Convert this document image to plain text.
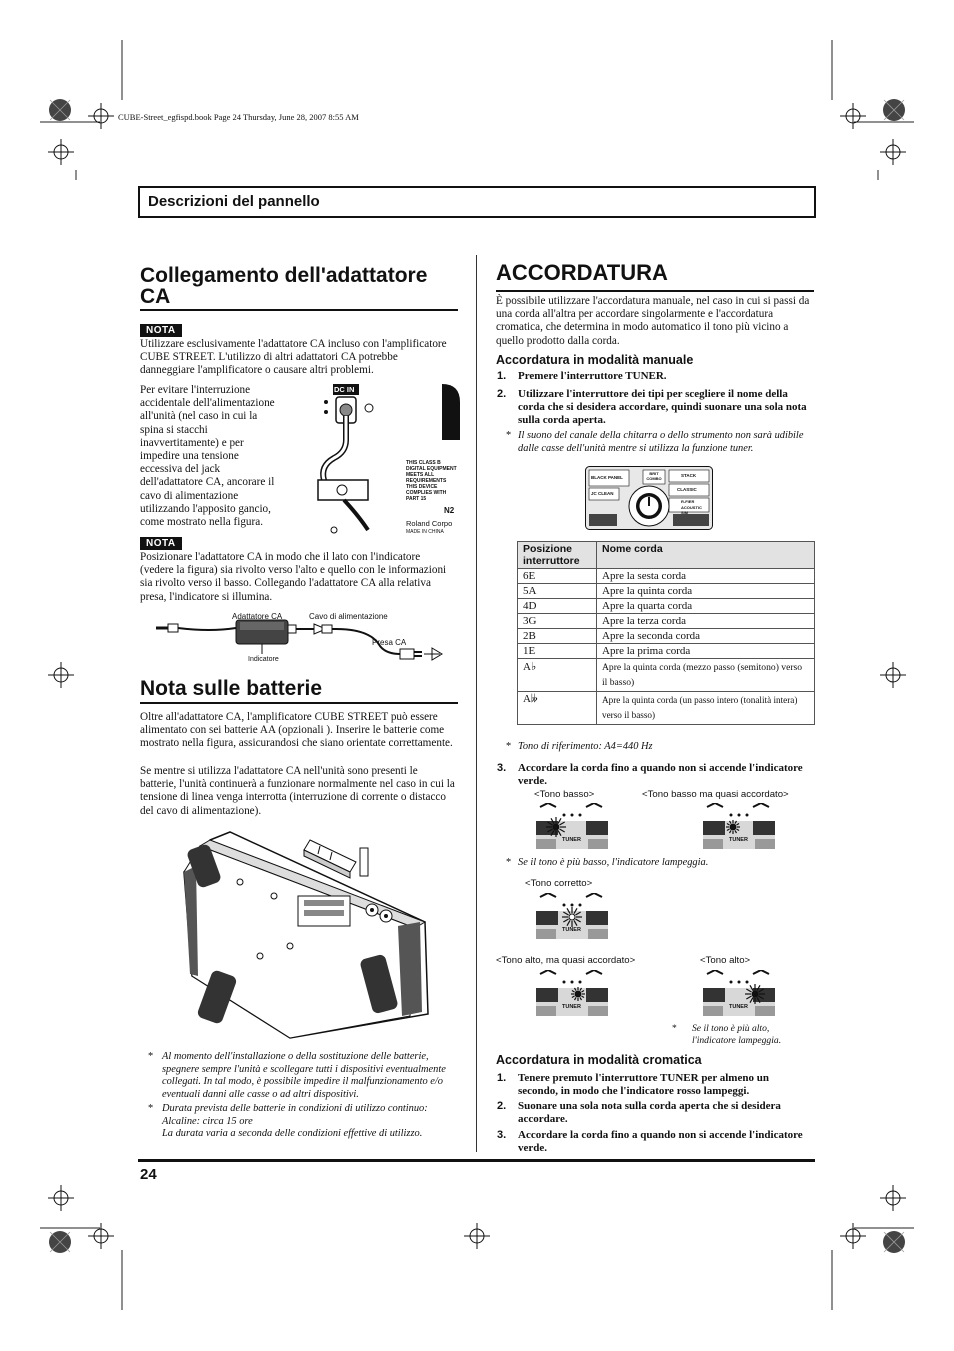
CUBE-Street_egfispd.book Page 24 Thursday, June 28, 2007 8:55 AM
Descrizioni del pannello
Collegamento dell'adattatore
CA
NOTA

Utilizzare esclusivamente l'adattatore CA incluso con l'amplificatore CUBE STREET. L'utilizzo di altri adattatori CA potrebbe danneggiare l'amplificatore o causare altri problemi.

Per evitare l'interruzione
accidentale dell'alimentazione
all'unità (nel caso in cui la
spina si stacchi
inavvertitamente) e per
impedire una tensione
eccessiva del jack
dell'adattatore CA, ancorare il
cavo di alimentazione
utilizzando l'apposito gancio,
come mostrato nella figura.
DC IN
THIS CLASS B DIGITAL EQUIPMENT MEETS ALL REQUIREMENTS
THIS DEVICE COMPLIES WITH PART 15
N2
Roland Corpo
MADE IN CHINA
NOTA

Posizionare l'adattatore CA in modo che il lato con l'indicatore (vedere la figura) sia rivolto verso l'alto e quello con le informazioni sia rivolto verso il basso. Collegando l'adattatore CA alla relativa presa, l'indicatore si illumina.

Adattatore CA	Cavo di alimentazione
Presa CA
Indicatore
Nota sulle batterie

Oltre all'adattatore CA, l'amplificatore CUBE STREET può essere alimentato con sei batterie AA (opzionali ). Inserire le batterie come mostrato nella figura, assicurandosi che siano orientate correttamente.

Se mentre si utilizza l'adattatore CA nell'unità sono presenti le batterie, l'unità continuerà a funzionare normalmente nel caso in cui la tensione di linea venga interrotta (interruzione di corrente o distacco del cavo di alimentazione).

* Al momento dell'installazione o della sostituzione delle batterie, spegnere sempre l'unità e scollegare tutti i dispositivi eventualmente collegati. In tal modo, è possibile impedire il malfunzionamento e/o eventuali danni alle casse o ad altri dispositivi.
* Durata prevista delle batterie in condizioni di utilizzo continuo:
Alcaline: circa 15 ore
La durata varia a seconda delle condizioni effettive di utilizzo.
ACCORDATURA

È possibile utilizzare l'accordatura manuale, nel caso in cui si passi da una corda all'altra per accordare singolarmente e l'accordatura cromatica, che determina in modo automatico il tono più vicino a quello prodotto dalla corda.

Accordatura in modalità manuale
1. Premere l'interruttore TUNER.
2. Utilizzare l'interruttore dei tipi per scegliere il nome della corda che si desidera accordare, quindi suonare una sola nota sulla corda aperta.
* Il suono del canale della chitarra o dello strumento non sarà udibile dalle casse dell'unità mentre si utilizza la funzione tuner.
BLACK PANEL
BRIT COMBO
STACK
JC CLEAN
CLASSIC
R-FIER
ACOUSTIC SIM
Posizione interruttore	Nome corda
6E	Apre la sesta corda
5A	Apre la quinta corda
4D	Apre la quarta corda
3G	Apre la terza corda
2B	Apre la seconda corda
1E	Apre la prima corda
A♭	Apre la quinta corda (mezzo passo (semitono) verso il basso)
A𝄫	Apre la quinta corda (un passo intero (tonalità intera) verso il basso)
* Tono di riferimento: A4=440 Hz
3. Accordare la corda fino a quando non si accende l'indicatore verde.
<Tono basso>	<Tono basso ma quasi accordato>
<Tono corretto>
<Tono alto, ma quasi accordato>	<Tono alto>
TUNER	TUNER
TUNER
TUNER	TUNER
* Se il tono è più basso, l'indicatore lampeggia.
* Se il tono è più alto,
l'indicatore lampeggia.
Accordatura in modalità cromatica
1. Tenere premuto l'interruttore TUNER per almeno un secondo, in modo che l'indicatore rosso lampeggi.
2. Suonare una sola nota sulla corda aperta che si desidera accordare.
3. Accordare la corda fino a quando non si accende l'indicatore verde.
24
